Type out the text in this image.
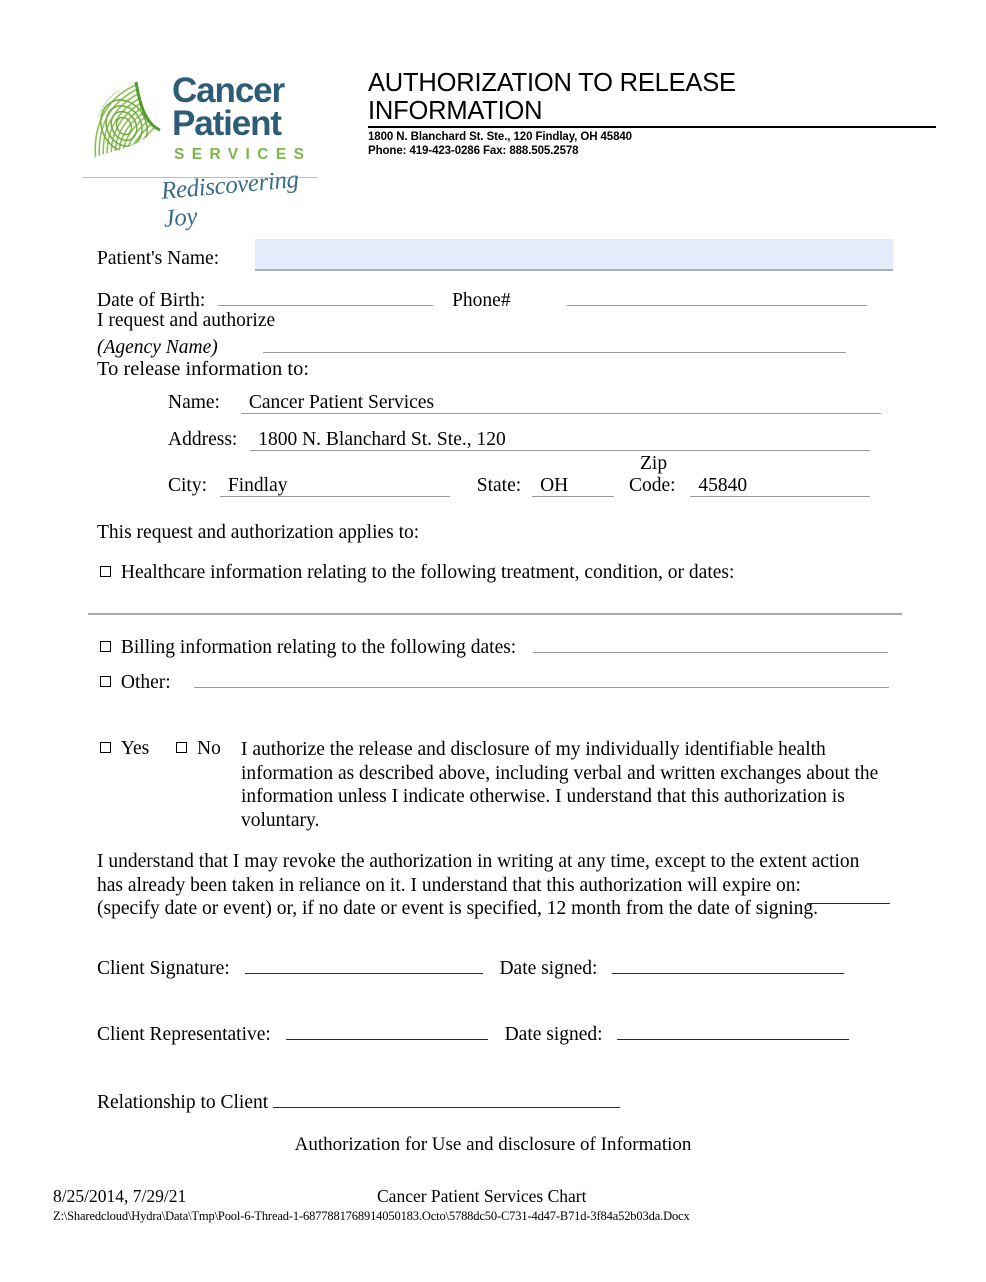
Cancer
Patient
SERVICES
Rediscovering Joy
AUTHORIZATION TO RELEASE
INFORMATION
1800 N. Blanchard St. Ste., 120 Findlay, OH 45840
Phone: 419-423-0286 Fax: 888.505.2578
Patient's Name:
Date of Birth:	Phone#
I request and authorize
(Agency Name)
To release information to:
Name: Cancer Patient Services
Address: 1800 N. Blanchard St. Ste., 120
Zip
City: Findlay	State: OH	Code: 45840
This request and authorization applies to:
Healthcare information relating to the following treatment, condition, or dates:
Billing information relating to the following dates:
Other:
Yes No I authorize the release and disclosure of my individually identifiable health information as described above, including verbal and written exchanges about the information unless I indicate otherwise. I understand that this authorization is voluntary.
I understand that I may revoke the authorization in writing at any time, except to the extent action has already been taken in reliance on it. I understand that this authorization will expire on:
(specify date or event) or, if no date or event is specified, 12 month from the date of signing.
Client Signature:	Date signed:
Client Representative:	Date signed:
Relationship to Client
Authorization for Use and disclosure of Information
8/25/2014, 7/29/21	Cancer Patient Services Chart
Z:\Sharedcloud\Hydra\Data\Tmp\Pool-6-Thread-1-6877881768914050183.Octo\5788dc50-C731-4d47-B71d-3f84a52b03da.Docx
